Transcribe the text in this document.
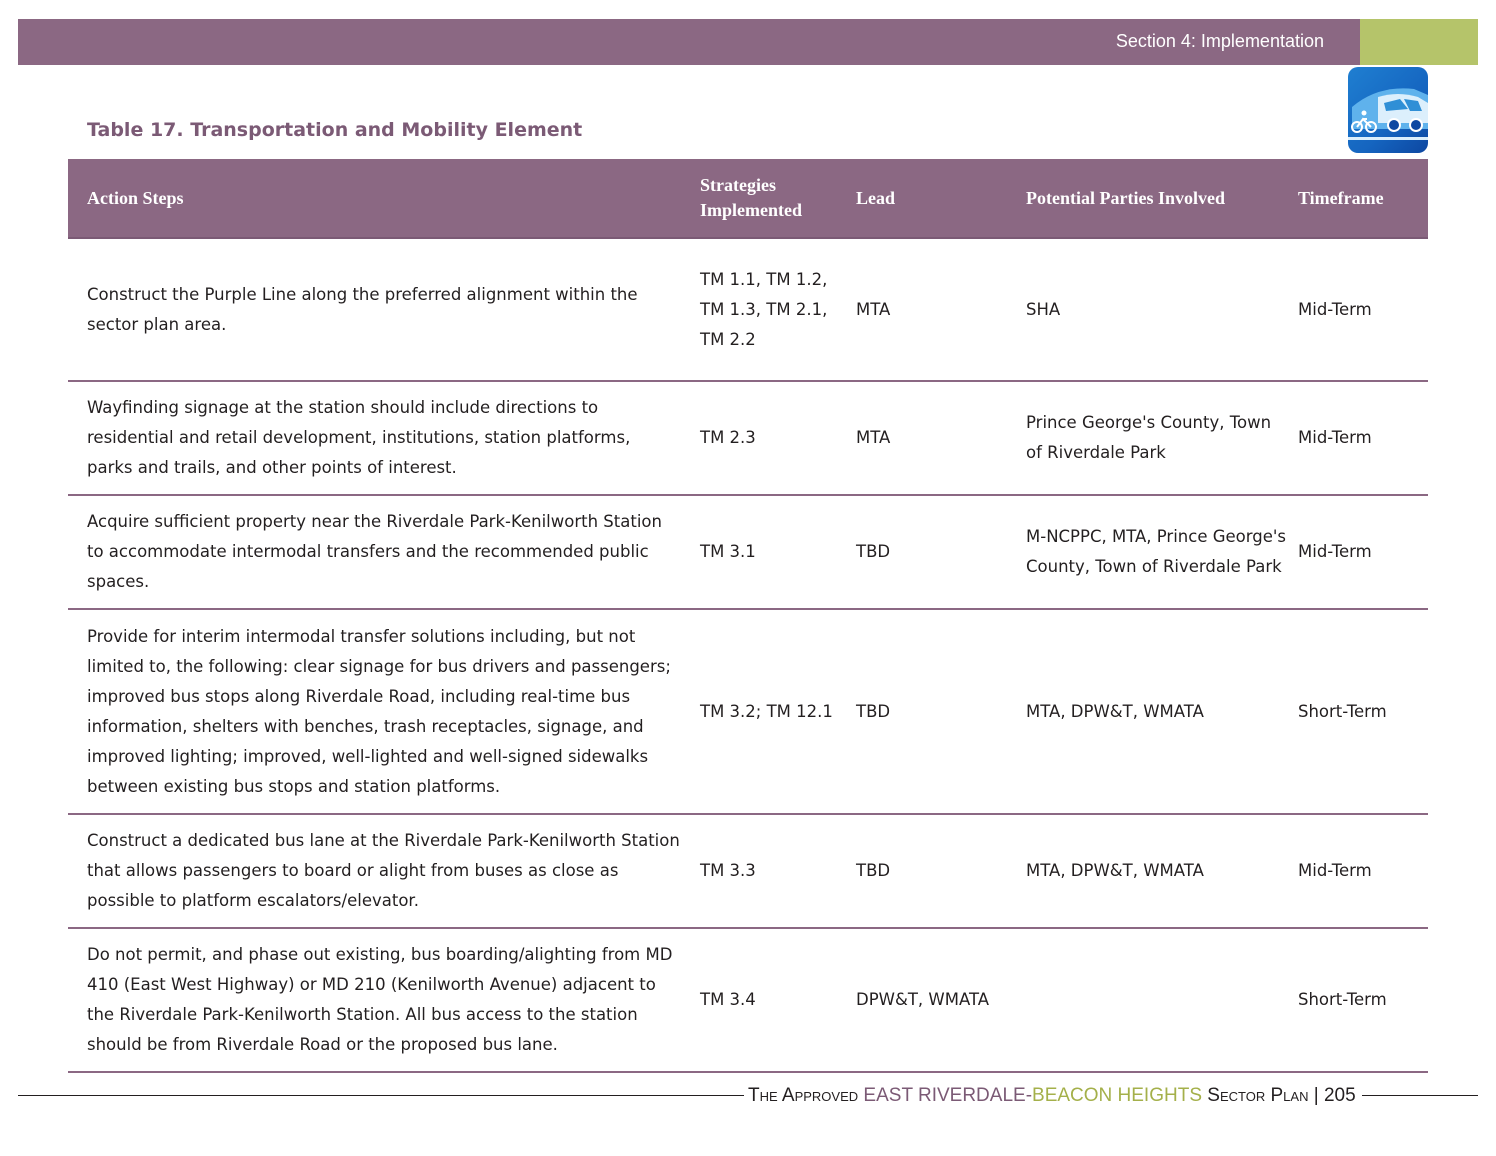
Section 4: Implementation
Table 17. Transportation and Mobility Element
Action Steps	Strategies Implemented	Lead	Potential Parties Involved	Timeframe
Construct the Purple Line along the preferred alignment within the sector plan area.	TM 1.1, TM 1.2, TM 1.3, TM 2.1, TM 2.2	MTA	SHA	Mid-Term
Wayfinding signage at the station should include directions to residential and retail development, institutions, station platforms, parks and trails, and other points of interest.	TM 2.3	MTA	Prince George's County, Town of Riverdale Park	Mid-Term
Acquire sufficient property near the Riverdale Park-Kenilworth Station to accommodate intermodal transfers and the recommended public spaces.	TM 3.1	TBD	M-NCPPC, MTA, Prince George's County, Town of Riverdale Park	Mid-Term
Provide for interim intermodal transfer solutions including, but not limited to, the following: clear signage for bus drivers and passengers; improved bus stops along Riverdale Road, including real-time bus information, shelters with benches, trash receptacles, signage, and improved lighting; improved, well-lighted and well-signed sidewalks between existing bus stops and station platforms.	TM 3.2; TM 12.1	TBD	MTA, DPW&T, WMATA	Short-Term
Construct a dedicated bus lane at the Riverdale Park-Kenilworth Station that allows passengers to board or alight from buses as close as possible to platform escalators/elevator.	TM 3.3	TBD	MTA, DPW&T, WMATA	Mid-Term
Do not permit, and phase out existing, bus boarding/alighting from MD 410 (East West Highway) or MD 210 (Kenilworth Avenue) adjacent to the Riverdale Park-Kenilworth Station. All bus access to the station should be from Riverdale Road or the proposed bus lane.	TM 3.4	DPW&T, WMATA		Short-Term
The Approved EAST RIVERDALE-BEACON HEIGHTS Sector Plan | 205
